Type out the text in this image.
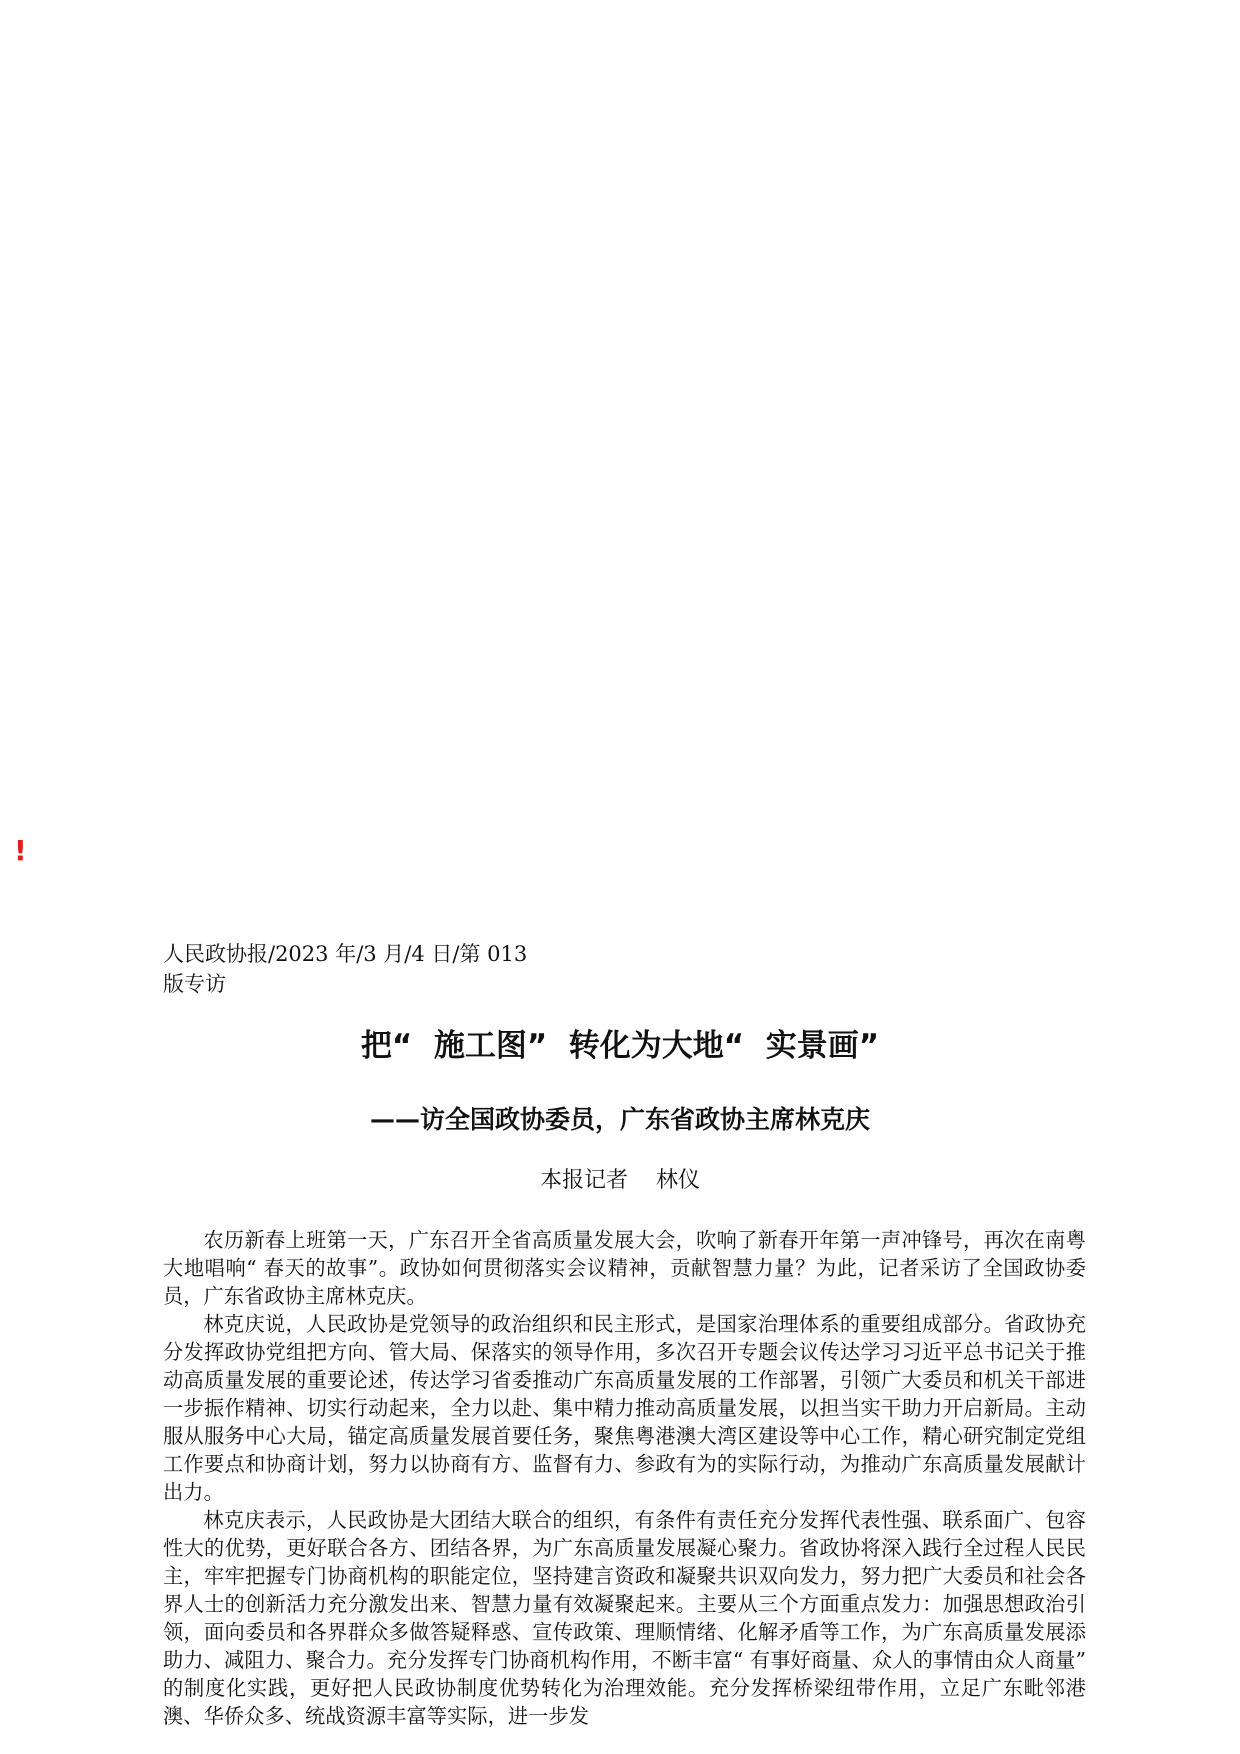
!
人民政协报/2023 年/3 月/4 日/第 013
版专访
把“  施工图”  转化为大地“  实景画”
——访全国政协委员，广东省政协主席林克庆
本报记者    林仪

农历新春上班第一天，广东召开全省高质量发展大会，吹响了新春开年第一声冲锋号，再次在南粤大地唱响“ 春天的故事”。政协如何贯彻落实会议精神，贡献智慧力量？为此，记者采访了全国政协委员，广东省政协主席林克庆。

林克庆说，人民政协是党领导的政治组织和民主形式，是国家治理体系的重要组成部分。省政协充分发挥政协党组把方向、管大局、保落实的领导作用，多次召开专题会议传达学习习近平总书记关于推动高质量发展的重要论述，传达学习省委推动广东高质量发展的工作部署，引领广大委员和机关干部进一步振作精神、切实行动起来，全力以赴、集中精力推动高质量发展，以担当实干助力开启新局。主动服从服务中心大局，锚定高质量发展首要任务，聚焦粤港澳大湾区建设等中心工作，精心研究制定党组工作要点和协商计划，努力以协商有方、监督有力、参政有为的实际行动，为推动广东高质量发展献计出力。

林克庆表示，人民政协是大团结大联合的组织，有条件有责任充分发挥代表性强、联系面广、包容性大的优势，更好联合各方、团结各界，为广东高质量发展凝心聚力。省政协将深入践行全过程人民民主，牢牢把握专门协商机构的职能定位，坚持建言资政和凝聚共识双向发力，努力把广大委员和社会各界人士的创新活力充分激发出来、智慧力量有效凝聚起来。主要从三个方面重点发力：加强思想政治引领，面向委员和各界群众多做答疑释惑、宣传政策、理顺情绪、化解矛盾等工作，为广东高质量发展添助力、减阻力、聚合力。充分发挥专门协商机构作用，不断丰富“ 有事好商量、众人的事情由众人商量” 的制度化实践，更好把人民政协制度优势转化为治理效能。充分发挥桥梁纽带作用，立足广东毗邻港澳、华侨众多、统战资源丰富等实际，进一步发
